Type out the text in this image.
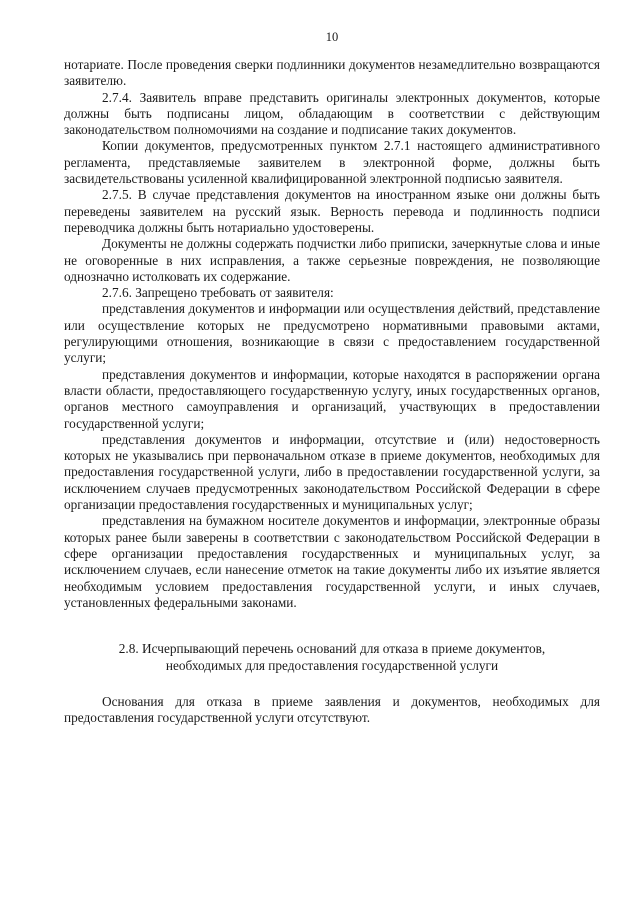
10

нотариате. После проведения сверки подлинники документов незамедлительно возвращаются заявителю.

2.7.4. Заявитель вправе представить оригиналы электронных документов, которые должны быть подписаны лицом, обладающим в соответствии с действующим законодательством полномочиями на создание и подписание таких документов.

Копии документов, предусмотренных пунктом 2.7.1 настоящего административного регламента, представляемые заявителем в электронной форме, должны быть засвидетельствованы усиленной квалифицированной электронной подписью заявителя.

2.7.5. В случае представления документов на иностранном языке они должны быть переведены заявителем на русский язык. Верность перевода и подлинность подписи переводчика должны быть нотариально удостоверены.

Документы не должны содержать подчистки либо приписки, зачеркнутые слова и иные не оговоренные в них исправления, а также серьезные повреждения, не позволяющие однозначно истолковать их содержание.

2.7.6. Запрещено требовать от заявителя:

представления документов и информации или осуществления действий, представление или осуществление которых не предусмотрено нормативными правовыми актами, регулирующими отношения, возникающие в связи с предоставлением государственной услуги;

представления документов и информации, которые находятся в распоряжении органа власти области, предоставляющего государственную услугу, иных государственных органов, органов местного самоуправления и организаций, участвующих в предоставлении государственной услуги;

представления документов и информации, отсутствие и (или) недостоверность которых не указывались при первоначальном отказе в приеме документов, необходимых для предоставления государственной услуги, либо в предоставлении государственной услуги, за исключением случаев предусмотренных законодательством Российской Федерации в сфере организации предоставления государственных и муниципальных услуг;

представления на бумажном носителе документов и информации, электронные образы которых ранее были заверены в соответствии с законодательством Российской Федерации в сфере организации предоставления государственных и муниципальных услуг, за исключением случаев, если нанесение отметок на такие документы либо их изъятие является необходимым условием предоставления государственной услуги, и иных случаев, установленных федеральными законами.

2.8. Исчерпывающий перечень оснований для отказа в приеме документов,
необходимых для предоставления государственной услуги

Основания для отказа в приеме заявления и документов, необходимых для предоставления государственной услуги отсутствуют.
